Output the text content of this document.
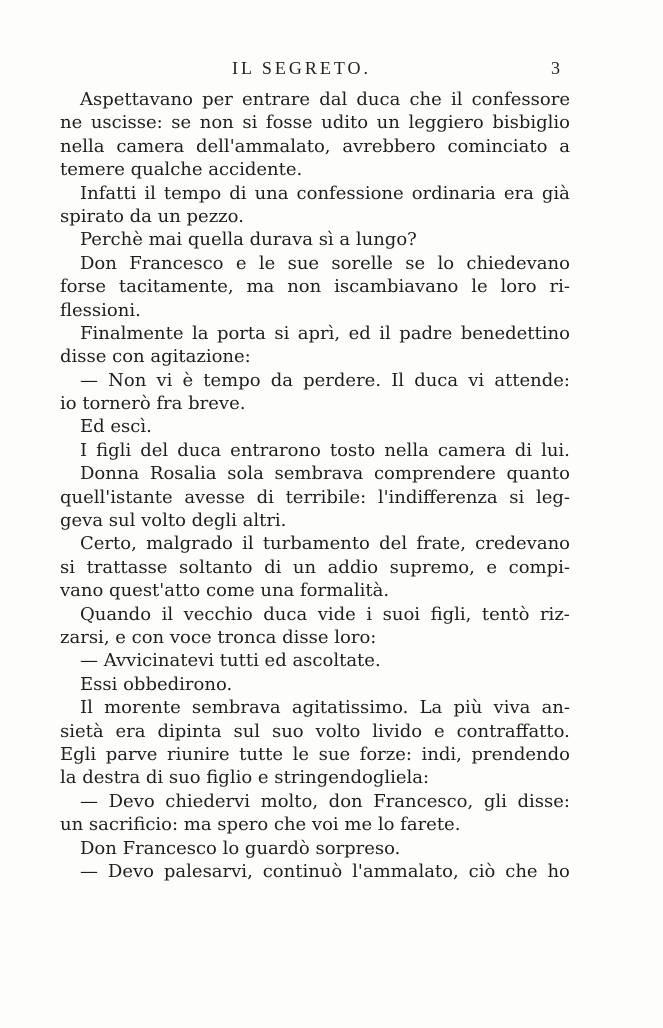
IL SEGRETO.	3
Aspettavano per entrare dal duca che il confessore
ne uscisse: se non si fosse udito un leggiero bisbiglio
nella camera dell'ammalato, avrebbero cominciato a
temere qualche accidente.
Infatti il tempo di una confessione ordinaria era già
spirato da un pezzo.
Perchè mai quella durava sì a lungo?
Don Francesco e le sue sorelle se lo chiedevano
forse tacitamente, ma non iscambiavano le loro ri-
flessioni.
Finalmente la porta si aprì, ed il padre benedettino
disse con agitazione:
— Non vi è tempo da perdere. Il duca vi attende:
io tornerò fra breve.
Ed escì.
I figli del duca entrarono tosto nella camera di lui.
Donna Rosalia sola sembrava comprendere quanto
quell'istante avesse di terribile: l'indifferenza si leg-
geva sul volto degli altri.
Certo, malgrado il turbamento del frate, credevano
si trattasse soltanto di un addio supremo, e compi-
vano quest'atto come una formalità.
Quando il vecchio duca vide i suoi figli, tentò riz-
zarsi, e con voce tronca disse loro:
— Avvicinatevi tutti ed ascoltate.
Essi obbedirono.
Il morente sembrava agitatissimo. La più viva an-
sietà era dipinta sul suo volto livido e contraffatto.
Egli parve riunire tutte le sue forze: indi, prendendo
la destra di suo figlio e stringendogliela:
— Devo chiedervi molto, don Francesco, gli disse:
un sacrificio: ma spero che voi me lo farete.
Don Francesco lo guardò sorpreso.
— Devo palesarvi, continuò l'ammalato, ciò che ho
